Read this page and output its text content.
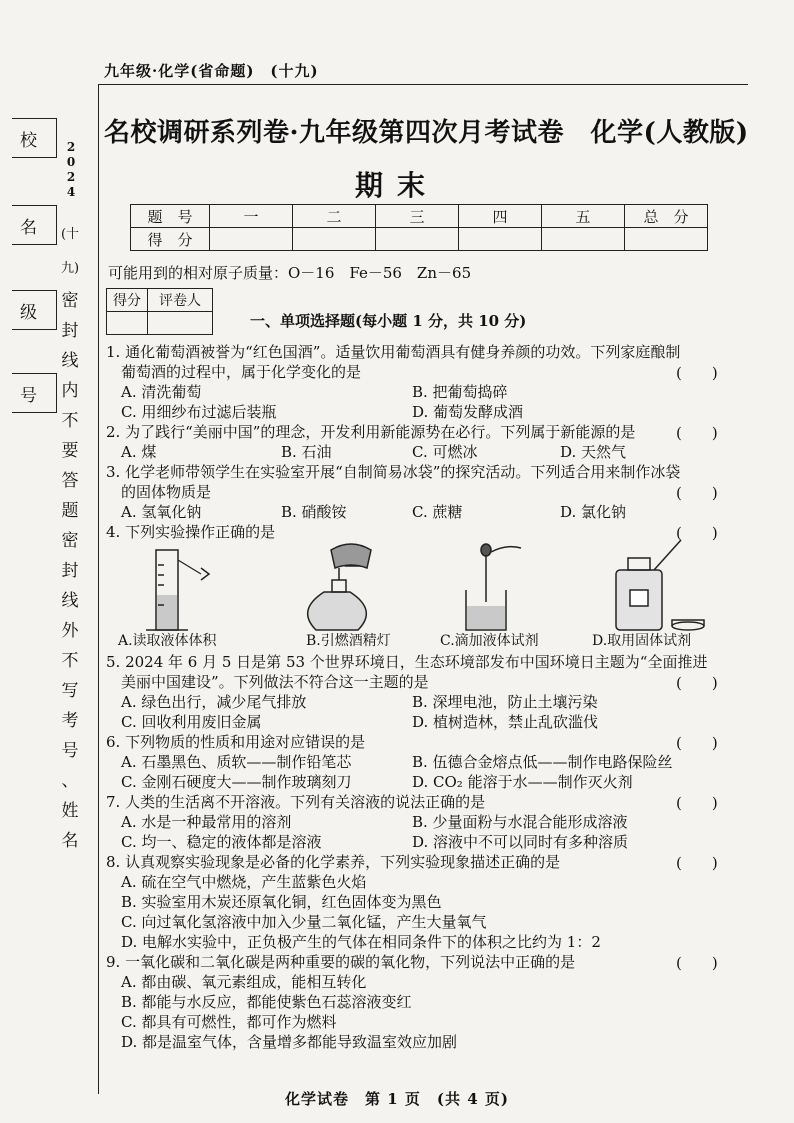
九年级·化学(省命题)　(十九)
校
名
级
号
2
0
2
4
(十九)
密
封
线
内
不
要
答
题
密
封
线
外
不
写
考
号
、
姓
名
名校调研系列卷·九年级第四次月考试卷　化学(人教版)
期末
题　号	一	二	三	四	五	总　分
得　分						
可能用到的相对原子质量：O－16　Fe－56　Zn－65
得分	评卷人

一、单项选择题(每小题 1 分，共 10 分)
1. 通化葡萄酒被誉为“红色国酒”。适量饮用葡萄酒具有健身养颜的功效。下列家庭酿制
葡萄酒的过程中，属于化学变化的是	(　　)
A. 清洗葡萄	B. 把葡萄捣碎
C. 用细纱布过滤后装瓶	D. 葡萄发酵成酒
2. 为了践行“美丽中国”的理念，开发利用新能源势在必行。下列属于新能源的是	(　　)
A. 煤	B. 石油	C. 可燃冰	D. 天然气
3. 化学老师带领学生在实验室开展“自制简易冰袋”的探究活动。下列适合用来制作冰袋
的固体物质是	(　　)
A. 氢氧化钠	B. 硝酸铵	C. 蔗糖	D. 氯化钠
4. 下列实验操作正确的是	(　　)
A.读取液体体积	B.引燃酒精灯	C.滴加液体试剂	D.取用固体试剂
5. 2024 年 6 月 5 日是第 53 个世界环境日，生态环境部发布中国环境日主题为“全面推进
美丽中国建设”。下列做法不符合这一主题的是	(　　)
A. 绿色出行，减少尾气排放	B. 深埋电池，防止土壤污染
C. 回收利用废旧金属	D. 植树造林，禁止乱砍滥伐
6. 下列物质的性质和用途对应错误的是	(　　)
A. 石墨黑色、质软——制作铅笔芯	B. 伍德合金熔点低——制作电路保险丝
C. 金刚石硬度大——制作玻璃刻刀	D. CO₂ 能溶于水——制作灭火剂
7. 人类的生活离不开溶液。下列有关溶液的说法正确的是	(　　)
A. 水是一种最常用的溶剂	B. 少量面粉与水混合能形成溶液
C. 均一、稳定的液体都是溶液	D. 溶液中不可以同时有多种溶质
8. 认真观察实验现象是必备的化学素养，下列实验现象描述正确的是	(　　)
A. 硫在空气中燃烧，产生蓝紫色火焰
B. 实验室用木炭还原氧化铜，红色固体变为黑色
C. 向过氧化氢溶液中加入少量二氧化锰，产生大量氧气
D. 电解水实验中，正负极产生的气体在相同条件下的体积之比约为 1：2
9. 一氧化碳和二氧化碳是两种重要的碳的氧化物，下列说法中正确的是	(　　)
A. 都由碳、氧元素组成，能相互转化
B. 都能与水反应，都能使紫色石蕊溶液变红
C. 都具有可燃性，都可作为燃料
D. 都是温室气体，含量增多都能导致温室效应加剧
化学试卷　第 1 页　(共 4 页)
